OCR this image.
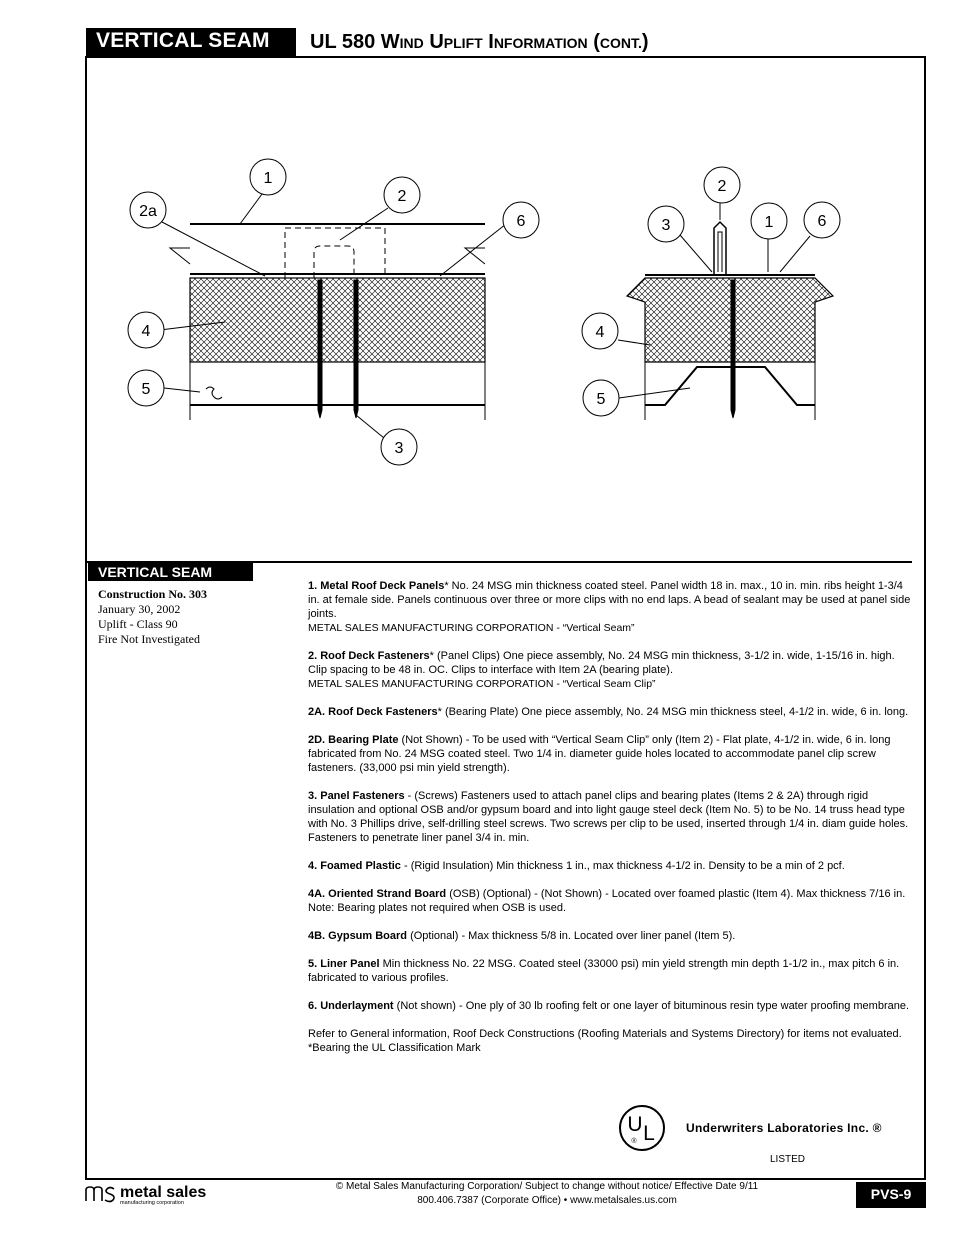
VERTICAL SEAM	UL 580 WIND UPLIFT INFORMATION (CONT.)
1
2a
2
6
4
5
3
2
3	1	6
4
5
VERTICAL SEAM
Construction No. 303
January 30, 2002
Uplift - Class 90
Fire Not Investigated

1. Metal Roof Deck Panels* No. 24 MSG min thickness coated steel. Panel width 18 in. max., 10 in. min. ribs height 1-3/4 in. at female side. Panels continuous over three or more clips with no end laps. A bead of sealant may be used at panel side joints.
METAL SALES MANUFACTURING CORPORATION - “Vertical Seam”

2. Roof Deck Fasteners* (Panel Clips) One piece assembly, No. 24 MSG min thickness, 3-1/2 in. wide, 1-15/16 in. high. Clip spacing to be 48 in. OC. Clips to interface with Item 2A (bearing plate).
METAL SALES MANUFACTURING CORPORATION - “Vertical Seam Clip”

2A. Roof Deck Fasteners* (Bearing Plate) One piece assembly, No. 24 MSG min thickness steel, 4-1/2 in. wide, 6 in. long.

2D. Bearing Plate (Not Shown) - To be used with “Vertical Seam Clip” only (Item 2) - Flat plate, 4-1/2 in. wide, 6 in. long fabricated from No. 24 MSG coated steel. Two 1/4 in. diameter guide holes located to accommodate panel clip screw fasteners. (33,000 psi min yield strength).

3. Panel Fasteners - (Screws) Fasteners used to attach panel clips and bearing plates (Items 2 & 2A) through rigid insulation and optional OSB and/or gypsum board and into light gauge steel deck (Item No. 5) to be No. 14 truss head type with No. 3 Phillips drive, self-drilling steel screws. Two screws per clip to be used, inserted through 1/4 in. diam guide holes. Fasteners to penetrate liner panel 3/4 in. min.

4. Foamed Plastic - (Rigid Insulation) Min thickness 1 in., max thickness 4-1/2 in. Density to be a min of 2 pcf.

4A. Oriented Strand Board (OSB) (Optional) - (Not Shown) - Located over foamed plastic (Item 4). Max thickness 7/16 in. Note: Bearing plates not required when OSB is used.

4B. Gypsum Board (Optional) - Max thickness 5/8 in. Located over liner panel (Item 5).

5. Liner Panel Min thickness No. 22 MSG. Coated steel (33000 psi) min yield strength min depth 1-1/2 in., max pitch 6 in. fabricated to various profiles.

6. Underlayment (Not shown) - One ply of 30 lb roofing felt or one layer of bituminous resin type water proofing membrane.

Refer to General information, Roof Deck Constructions (Roofing Materials and Systems Directory) for items not evaluated.
*Bearing the UL Classification Mark

U L
®
Underwriters Laboratories Inc. ®
LISTED
metal sales
manufacturing corporation
© Metal Sales Manufacturing Corporation/ Subject to change without notice/ Effective Date 9/11
800.406.7387 (Corporate Office) • www.metalsales.us.com	PVS-9
